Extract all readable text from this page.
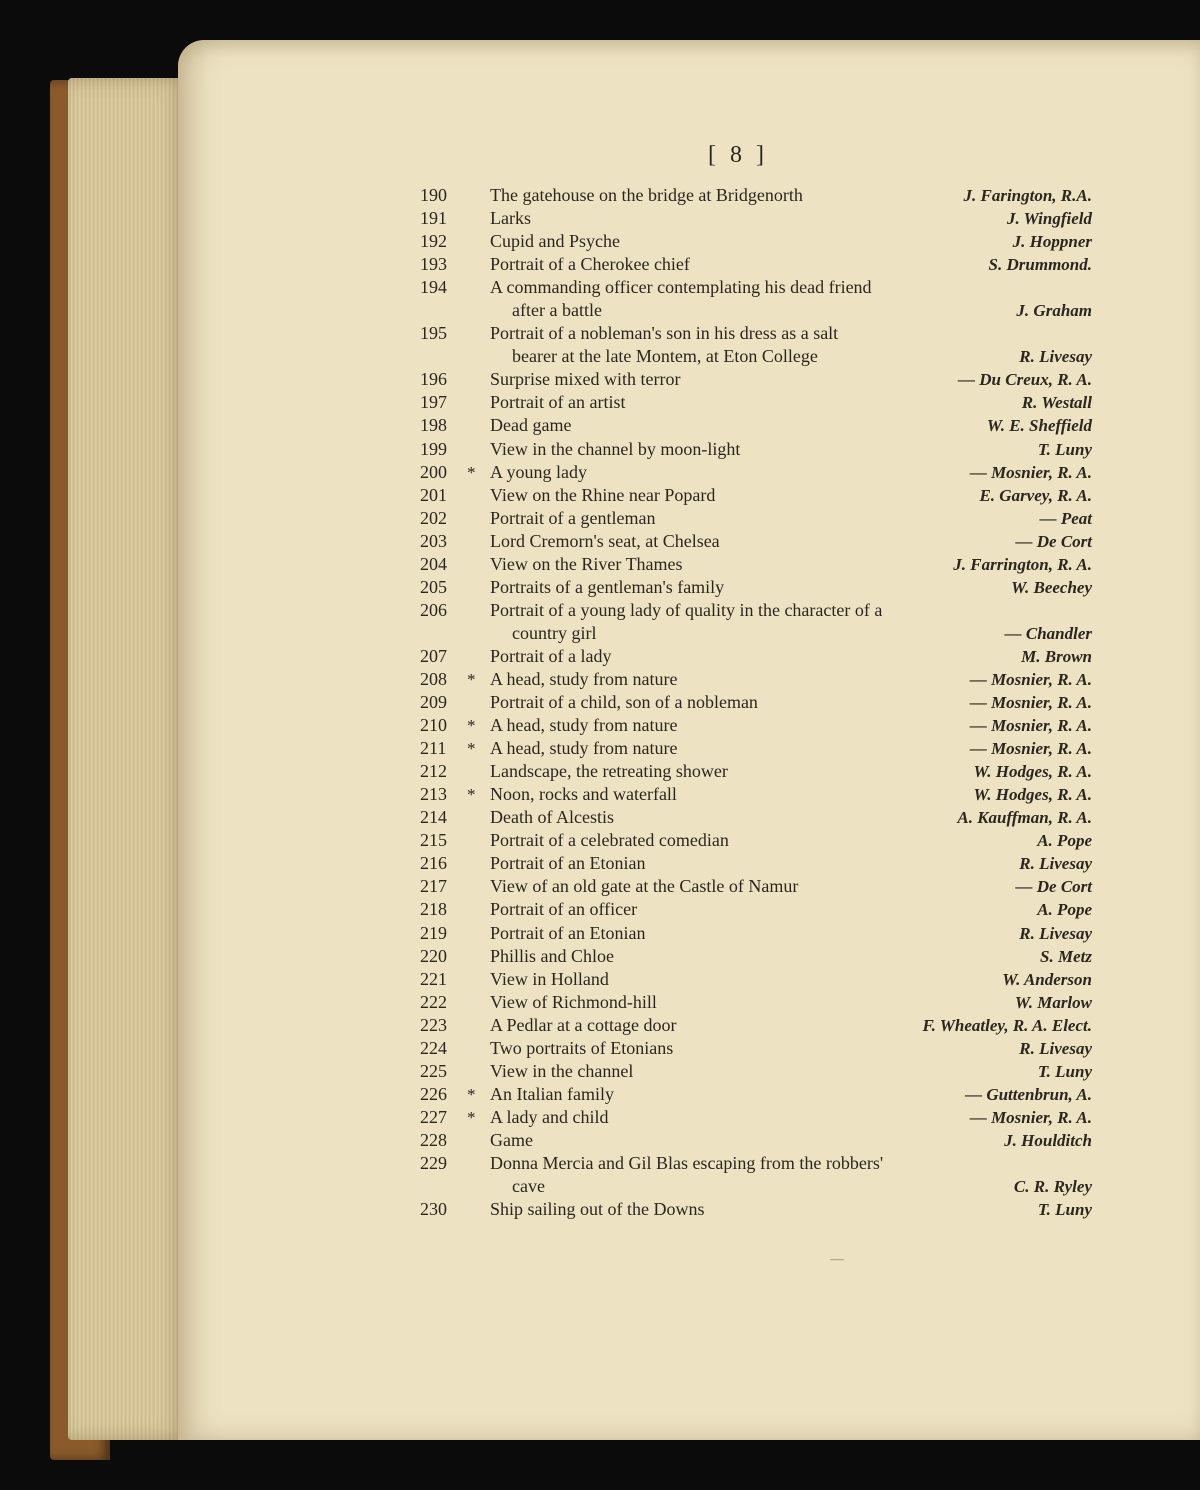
[ 8 ]
190 The gatehouse on the bridge at Bridgenorth	J. Farington, R.A.
191 Larks	J. Wingfield
192 Cupid and Psyche	J. Hoppner
193 Portrait of a Cherokee chief	S. Drummond.
194 A commanding officer contemplating his dead friend
after a battle	J. Graham
195 Portrait of a nobleman's son in his dress as a salt
bearer at the late Montem, at Eton College	R. Livesay
196 Surprise mixed with terror	— Du Creux, R. A.
197 Portrait of an artist	R. Westall
198 Dead game	W. E. Sheffield
199 View in the channel by moon-light	T. Luny
200 * A young lady	— Mosnier, R. A.
201 View on the Rhine near Popard	E. Garvey, R. A.
202 Portrait of a gentleman	— Peat
203 Lord Cremorn's seat, at Chelsea	— De Cort
204 View on the River Thames	J. Farrington, R. A.
205 Portraits of a gentleman's family	W. Beechey
206 Portrait of a young lady of quality in the character of a
country girl	— Chandler
207 Portrait of a lady	M. Brown
208 * A head, study from nature	— Mosnier, R. A.
209 Portrait of a child, son of a nobleman	— Mosnier, R. A.
210 * A head, study from nature	— Mosnier, R. A.
211 * A head, study from nature	— Mosnier, R. A.
212 Landscape, the retreating shower	W. Hodges, R. A.
213 * Noon, rocks and waterfall	W. Hodges, R. A.
214 Death of Alcestis	A. Kauffman, R. A.
215 Portrait of a celebrated comedian	A. Pope
216 Portrait of an Etonian	R. Livesay
217 View of an old gate at the Castle of Namur	— De Cort
218 Portrait of an officer	A. Pope
219 Portrait of an Etonian	R. Livesay
220 Phillis and Chloe	S. Metz
221 View in Holland	W. Anderson
222 View of Richmond-hill	W. Marlow
223 A Pedlar at a cottage door	F. Wheatley, R. A. Elect.
224 Two portraits of Etonians	R. Livesay
225 View in the channel	T. Luny
226 * An Italian family	— Guttenbrun, A.
227 * A lady and child	— Mosnier, R. A.
228 Game	J. Houlditch
229 Donna Mercia and Gil Blas escaping from the robbers'
cave	C. R. Ryley
230 Ship sailing out of the Downs	T. Luny
—
